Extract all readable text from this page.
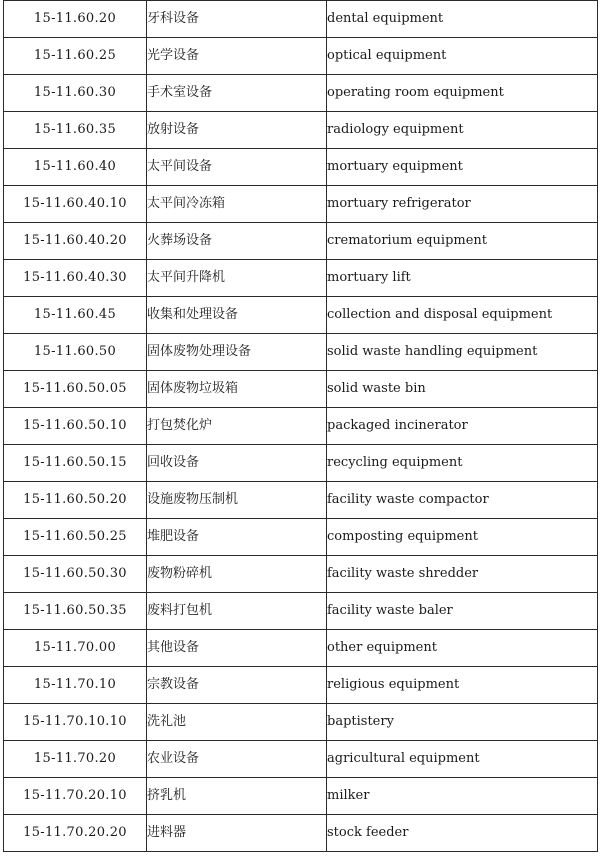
15-11.60.20	牙科设备	dental equipment
15-11.60.25	光学设备	optical equipment
15-11.60.30	手术室设备	operating room equipment
15-11.60.35	放射设备	radiology equipment
15-11.60.40	太平间设备	mortuary equipment
15-11.60.40.10	太平间冷冻箱	mortuary refrigerator
15-11.60.40.20	火葬场设备	crematorium equipment
15-11.60.40.30	太平间升降机	mortuary lift
15-11.60.45	收集和处理设备	collection and disposal equipment
15-11.60.50	固体废物处理设备	solid waste handling equipment
15-11.60.50.05	固体废物垃圾箱	solid waste bin
15-11.60.50.10	打包焚化炉	packaged incinerator
15-11.60.50.15	回收设备	recycling equipment
15-11.60.50.20	设施废物压制机	facility waste compactor
15-11.60.50.25	堆肥设备	composting equipment
15-11.60.50.30	废物粉碎机	facility waste shredder
15-11.60.50.35	废料打包机	facility waste baler
15-11.70.00	其他设备	other equipment
15-11.70.10	宗教设备	religious equipment
15-11.70.10.10	洗礼池	baptistery
15-11.70.20	农业设备	agricultural equipment
15-11.70.20.10	挤乳机	milker
15-11.70.20.20	进料器	stock feeder
